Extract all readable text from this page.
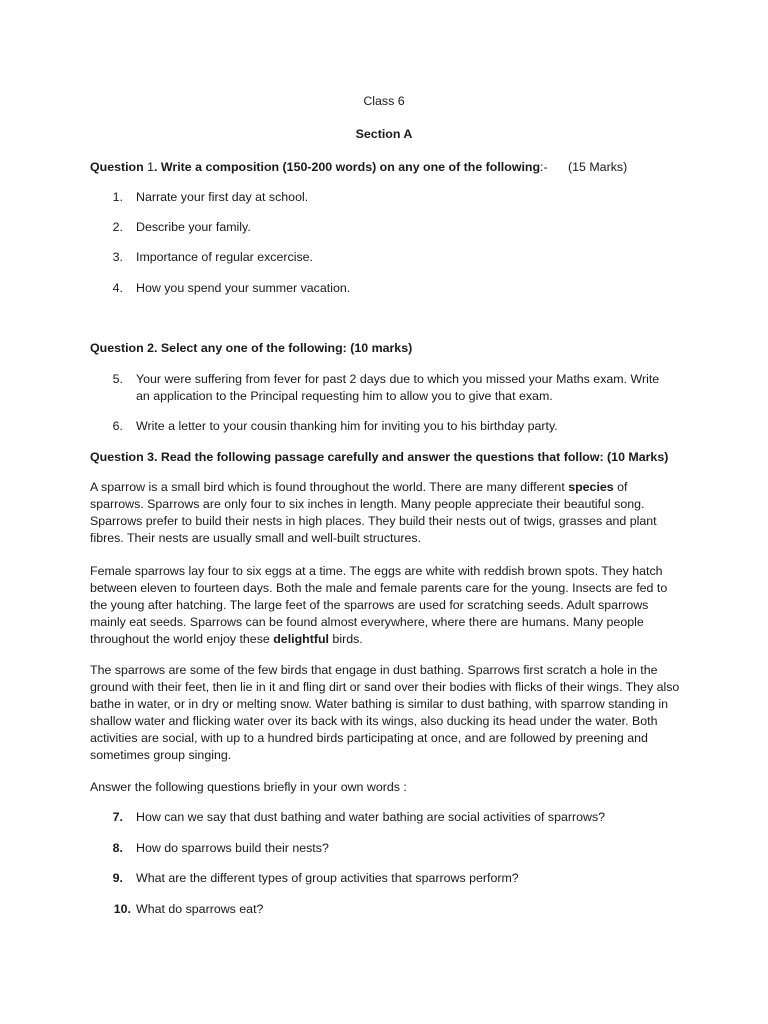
Class 6
Section A
Question 1. Write a composition (150-200 words) on any one of the following:- (15 Marks)
1. Narrate your first day at school.
2. Describe your family.
3. Importance of regular excercise.
4. How you spend your summer vacation.
Question 2. Select any one of the following: (10 marks)
5. Your were suffering from fever for past 2 days due to which you missed your Maths exam. Write an application to the Principal requesting him to allow you to give that exam.
6. Write a letter to your cousin thanking him for inviting you to his birthday party.
Question 3. Read the following passage carefully and answer the questions that follow: (10 Marks)
A sparrow is a small bird which is found throughout the world. There are many different species of sparrows. Sparrows are only four to six inches in length. Many people appreciate their beautiful song. Sparrows prefer to build their nests in high places. They build their nests out of twigs, grasses and plant fibres. Their nests are usually small and well-built structures.
Female sparrows lay four to six eggs at a time. The eggs are white with reddish brown spots. They hatch between eleven to fourteen days. Both the male and female parents care for the young. Insects are fed to the young after hatching. The large feet of the sparrows are used for scratching seeds. Adult sparrows mainly eat seeds. Sparrows can be found almost everywhere, where there are humans. Many people throughout the world enjoy these delightful birds.
The sparrows are some of the few birds that engage in dust bathing. Sparrows first scratch a hole in the ground with their feet, then lie in it and fling dirt or sand over their bodies with flicks of their wings. They also bathe in water, or in dry or melting snow. Water bathing is similar to dust bathing, with sparrow standing in shallow water and flicking water over its back with its wings, also ducking its head under the water. Both activities are social, with up to a hundred birds participating at once, and are followed by preening and sometimes group singing.
Answer the following questions briefly in your own words :
7. How can we say that dust bathing and water bathing are social activities of sparrows?
8. How do sparrows build their nests?
9. What are the different types of group activities that sparrows perform?
10. What do sparrows eat?
